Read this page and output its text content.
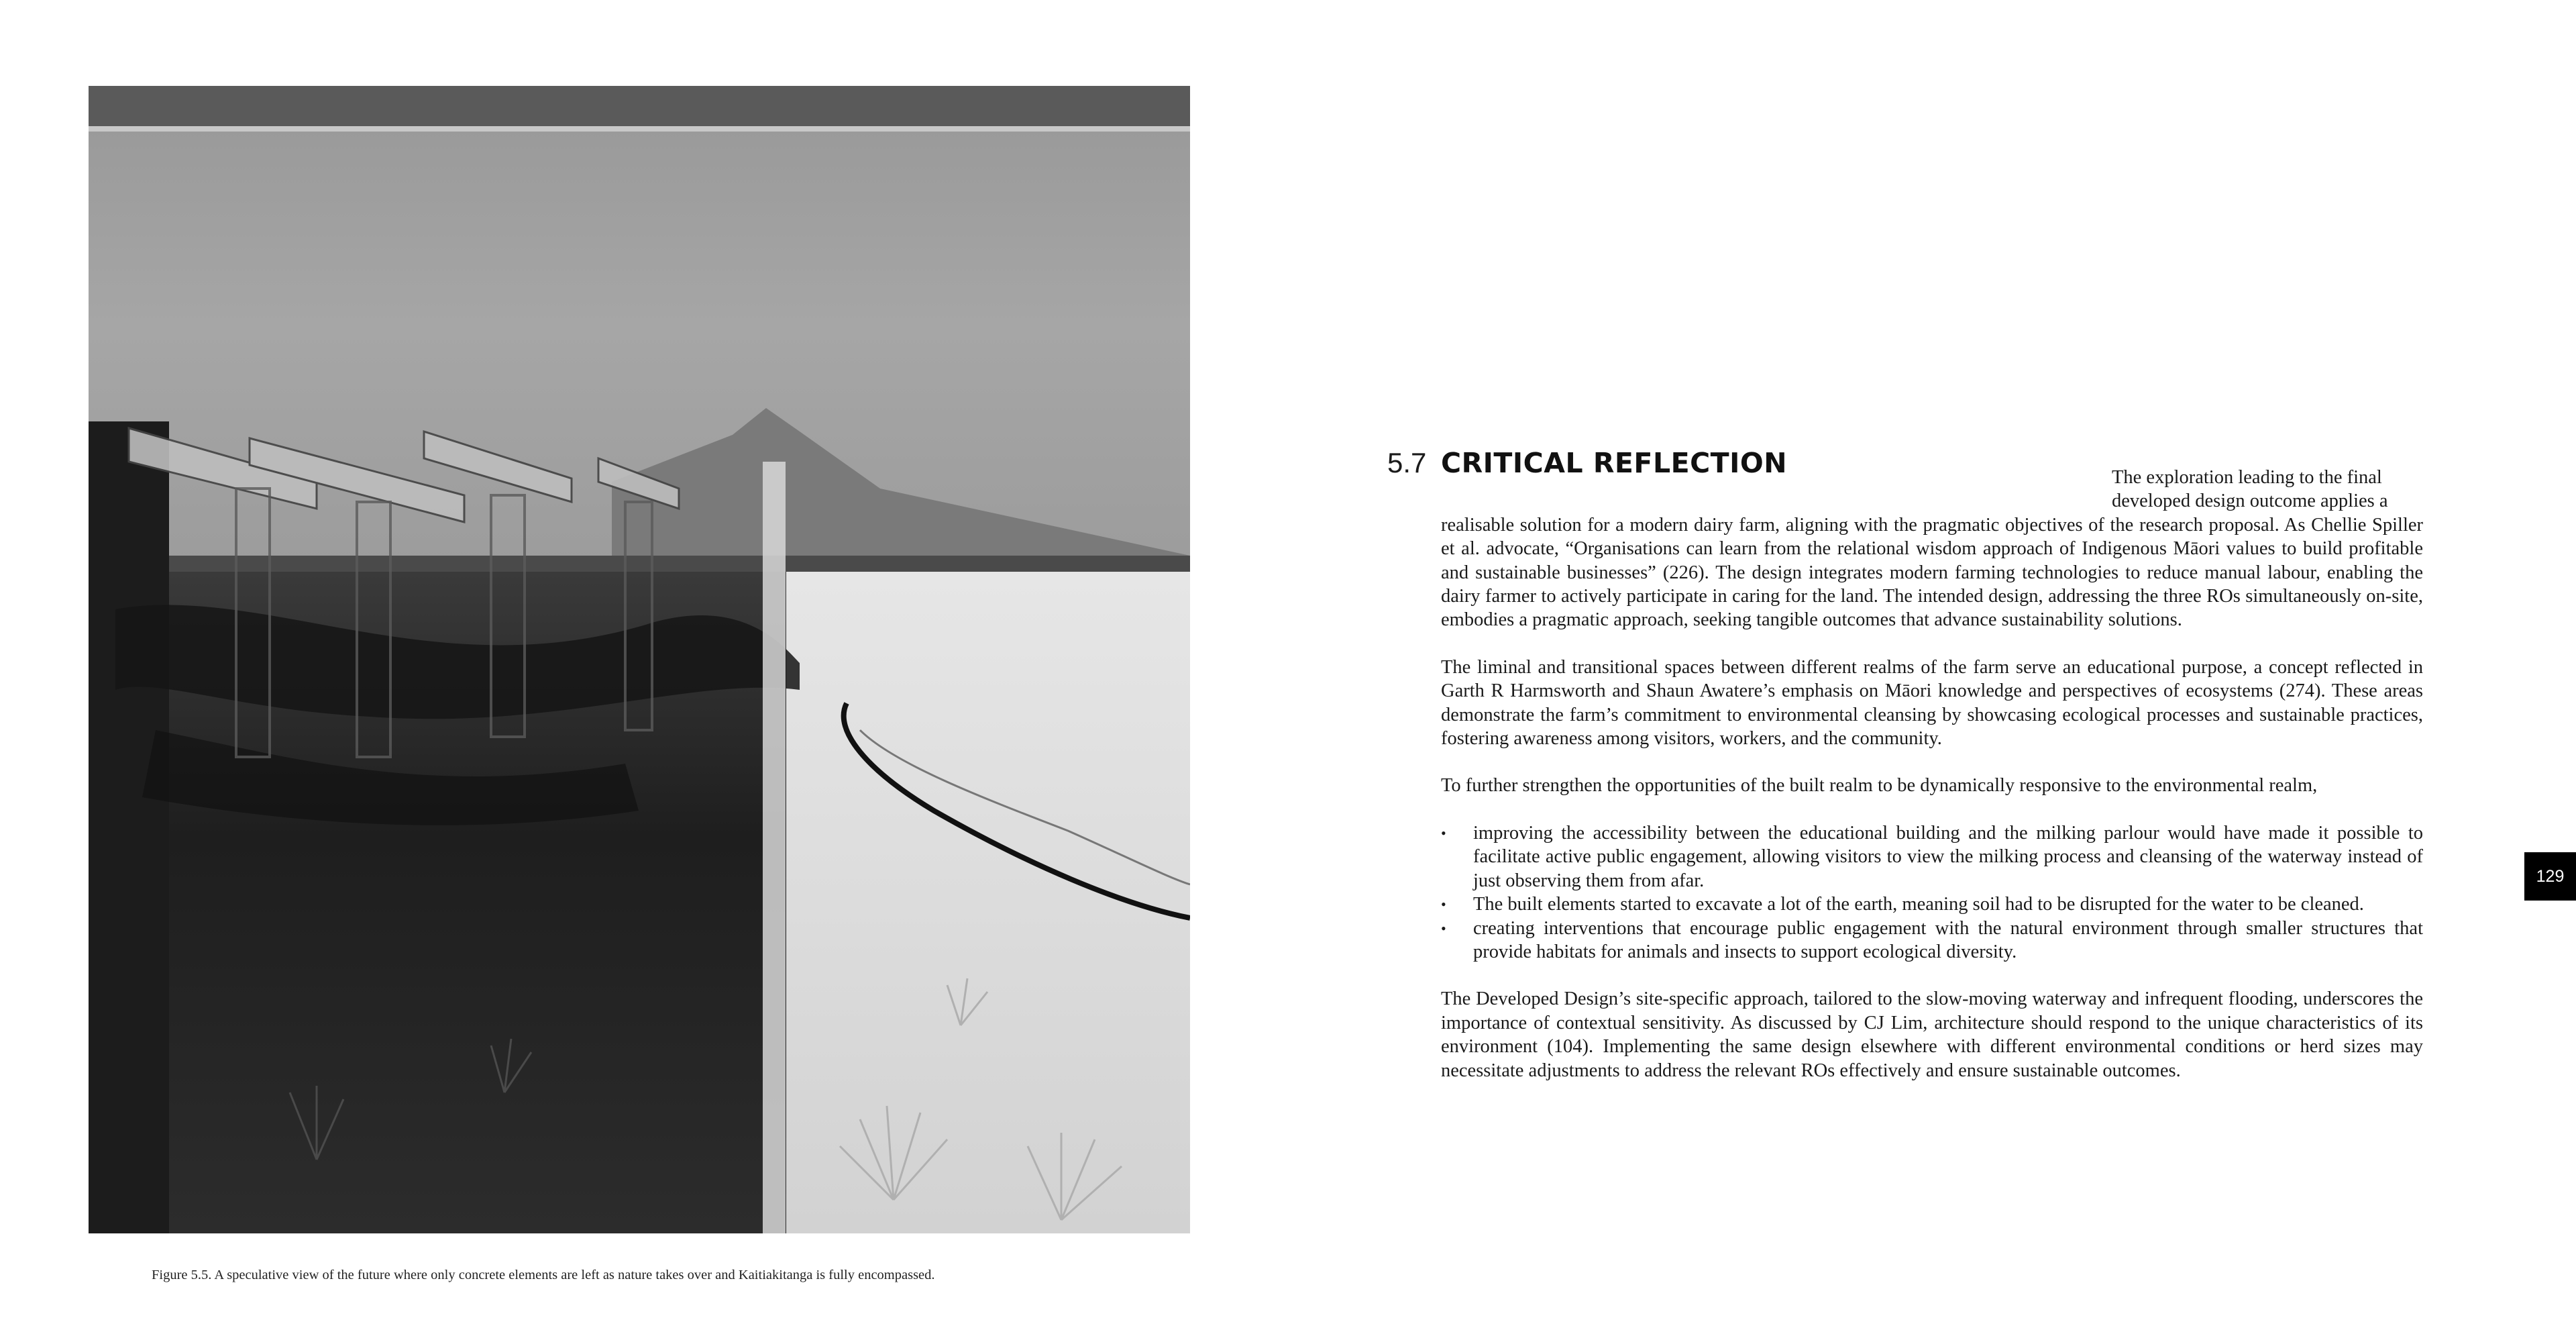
Figure 5.5. A speculative view of the future where only concrete elements are left as nature takes over and Kaitiakitanga is fully encompassed.
5.7 CRITICAL REFLECTION	The exploration leading to the final developed design outcome applies a
realisable solution for a modern dairy farm, aligning with the pragmatic objectives of the research proposal. As Chellie Spiller et al. advocate, “Organisations can learn from the relational wisdom approach of Indigenous Māori values to build profitable and sustainable businesses” (226). The design integrates modern farming technologies to reduce manual labour, enabling the dairy farmer to actively participate in caring for the land. The intended design, addressing the three ROs simultaneously on-site, embodies a pragmatic approach, seeking tangible outcomes that advance sustainability solutions.

The liminal and transitional spaces between different realms of the farm serve an educational purpose, a concept reflected in Garth R Harmsworth and Shaun Awatere’s emphasis on Māori knowledge and perspectives of ecosystems (274). These areas demonstrate the farm’s commitment to environmental cleansing by showcasing ecological processes and sustainable practices, fostering awareness among visitors, workers, and the community.

To further strengthen the opportunities of the built realm to be dynamically responsive to the environmental realm,

• improving the accessibility between the educational building and the milking parlour would have made it possible to facilitate active public engagement, allowing visitors to view the milking process and cleansing of the waterway instead of just observing them from afar.
• The built elements started to excavate a lot of the earth, meaning soil had to be disrupted for the water to be cleaned.
• creating interventions that encourage public engagement with the natural environment through smaller structures that provide habitats for animals and insects to support ecological diversity.

The Developed Design’s site-specific approach, tailored to the slow-moving waterway and infrequent flooding, underscores the importance of contextual sensitivity. As discussed by CJ Lim, architecture should respond to the unique characteristics of its environment (104). Implementing the same design elsewhere with different environmental conditions or herd sizes may necessitate adjustments to address the relevant ROs effectively and ensure sustainable outcomes.

129
